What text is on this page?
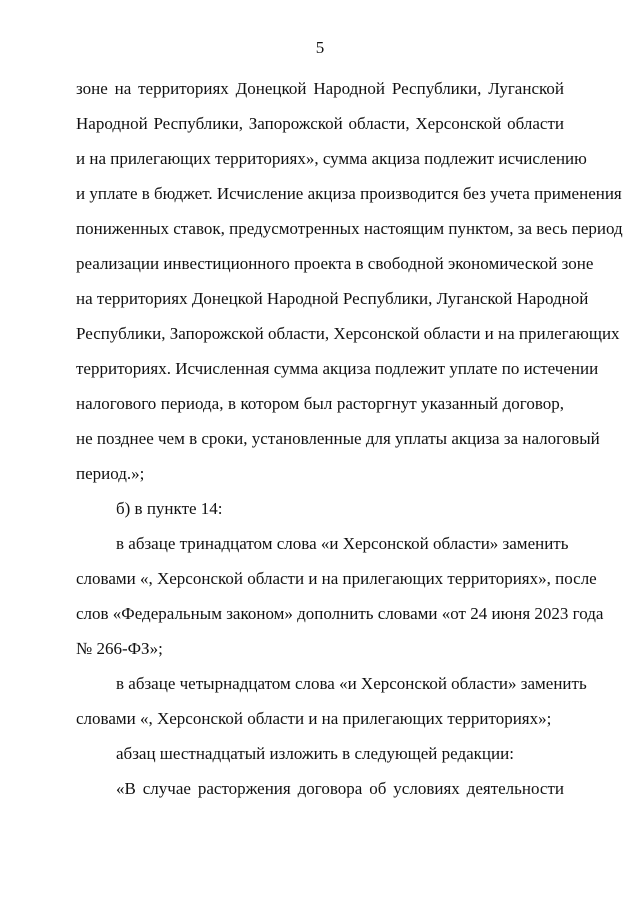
5
зоне на территориях Донецкой Народной Республики, Луганской
Народной Республики, Запорожской области, Херсонской области
и на прилегающих территориях», сумма акциза подлежит исчислению
и уплате в бюджет. Исчисление акциза производится без учета применения
пониженных ставок, предусмотренных настоящим пунктом, за весь период
реализации инвестиционного проекта в свободной экономической зоне
на территориях Донецкой Народной Республики, Луганской Народной
Республики, Запорожской области, Херсонской области и на прилегающих
территориях. Исчисленная сумма акциза подлежит уплате по истечении
налогового периода, в котором был расторгнут указанный договор,
не позднее чем в сроки, установленные для уплаты акциза за налоговый
период.»;
б) в пункте 14:
в абзаце тринадцатом слова «и Херсонской области» заменить
словами «, Херсонской области и на прилегающих территориях», после
слов «Федеральным законом» дополнить словами «от 24 июня 2023 года
№ 266-ФЗ»;
в абзаце четырнадцатом слова «и Херсонской области» заменить
словами «, Херсонской области и на прилегающих территориях»;
абзац шестнадцатый изложить в следующей редакции:
«В случае расторжения договора об условиях деятельности
